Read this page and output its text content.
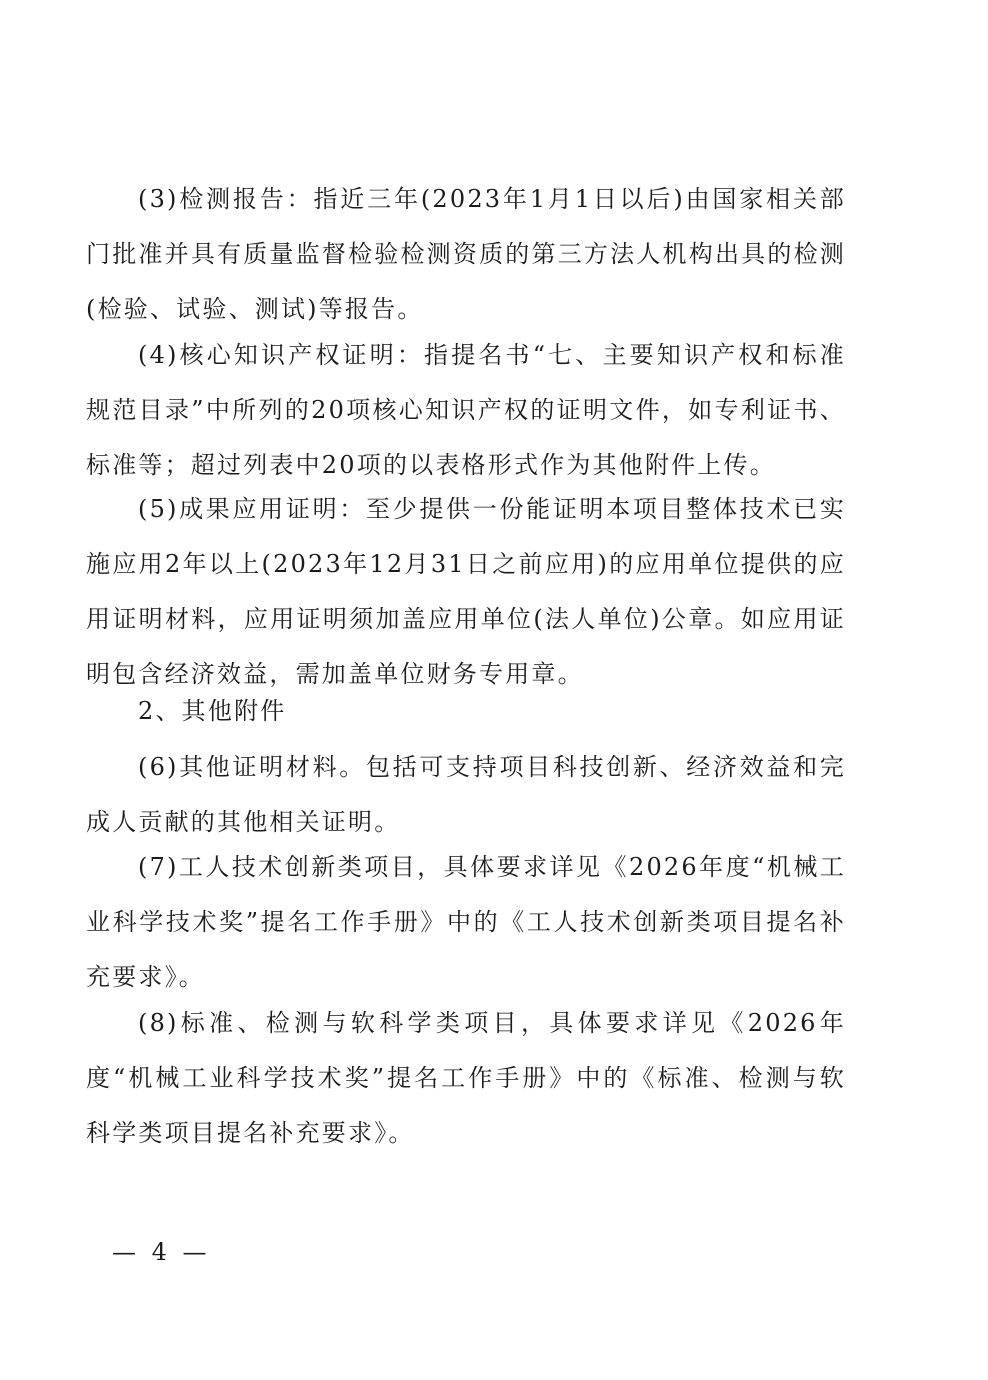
(3)检测报告：指近三年(2023年1月1日以后)由国家相关部门批准并具有质量监督检验检测资质的第三方法人机构出具的检测(检验、试验、测试)等报告。

(4)核心知识产权证明：指提名书“七、主要知识产权和标准规范目录”中所列的20项核心知识产权的证明文件，如专利证书、标准等；超过列表中20项的以表格形式作为其他附件上传。

(5)成果应用证明：至少提供一份能证明本项目整体技术已实施应用2年以上(2023年12月31日之前应用)的应用单位提供的应用证明材料，应用证明须加盖应用单位(法人单位)公章。如应用证明包含经济效益，需加盖单位财务专用章。

2、其他附件

(6)其他证明材料。包括可支持项目科技创新、经济效益和完成人贡献的其他相关证明。

(7)工人技术创新类项目，具体要求详见《2026年度“机械工业科学技术奖”提名工作手册》中的《工人技术创新类项目提名补充要求》。

(8)标准、检测与软科学类项目，具体要求详见《2026年度“机械工业科学技术奖”提名工作手册》中的《标准、检测与软科学类项目提名补充要求》。

— 4 —
